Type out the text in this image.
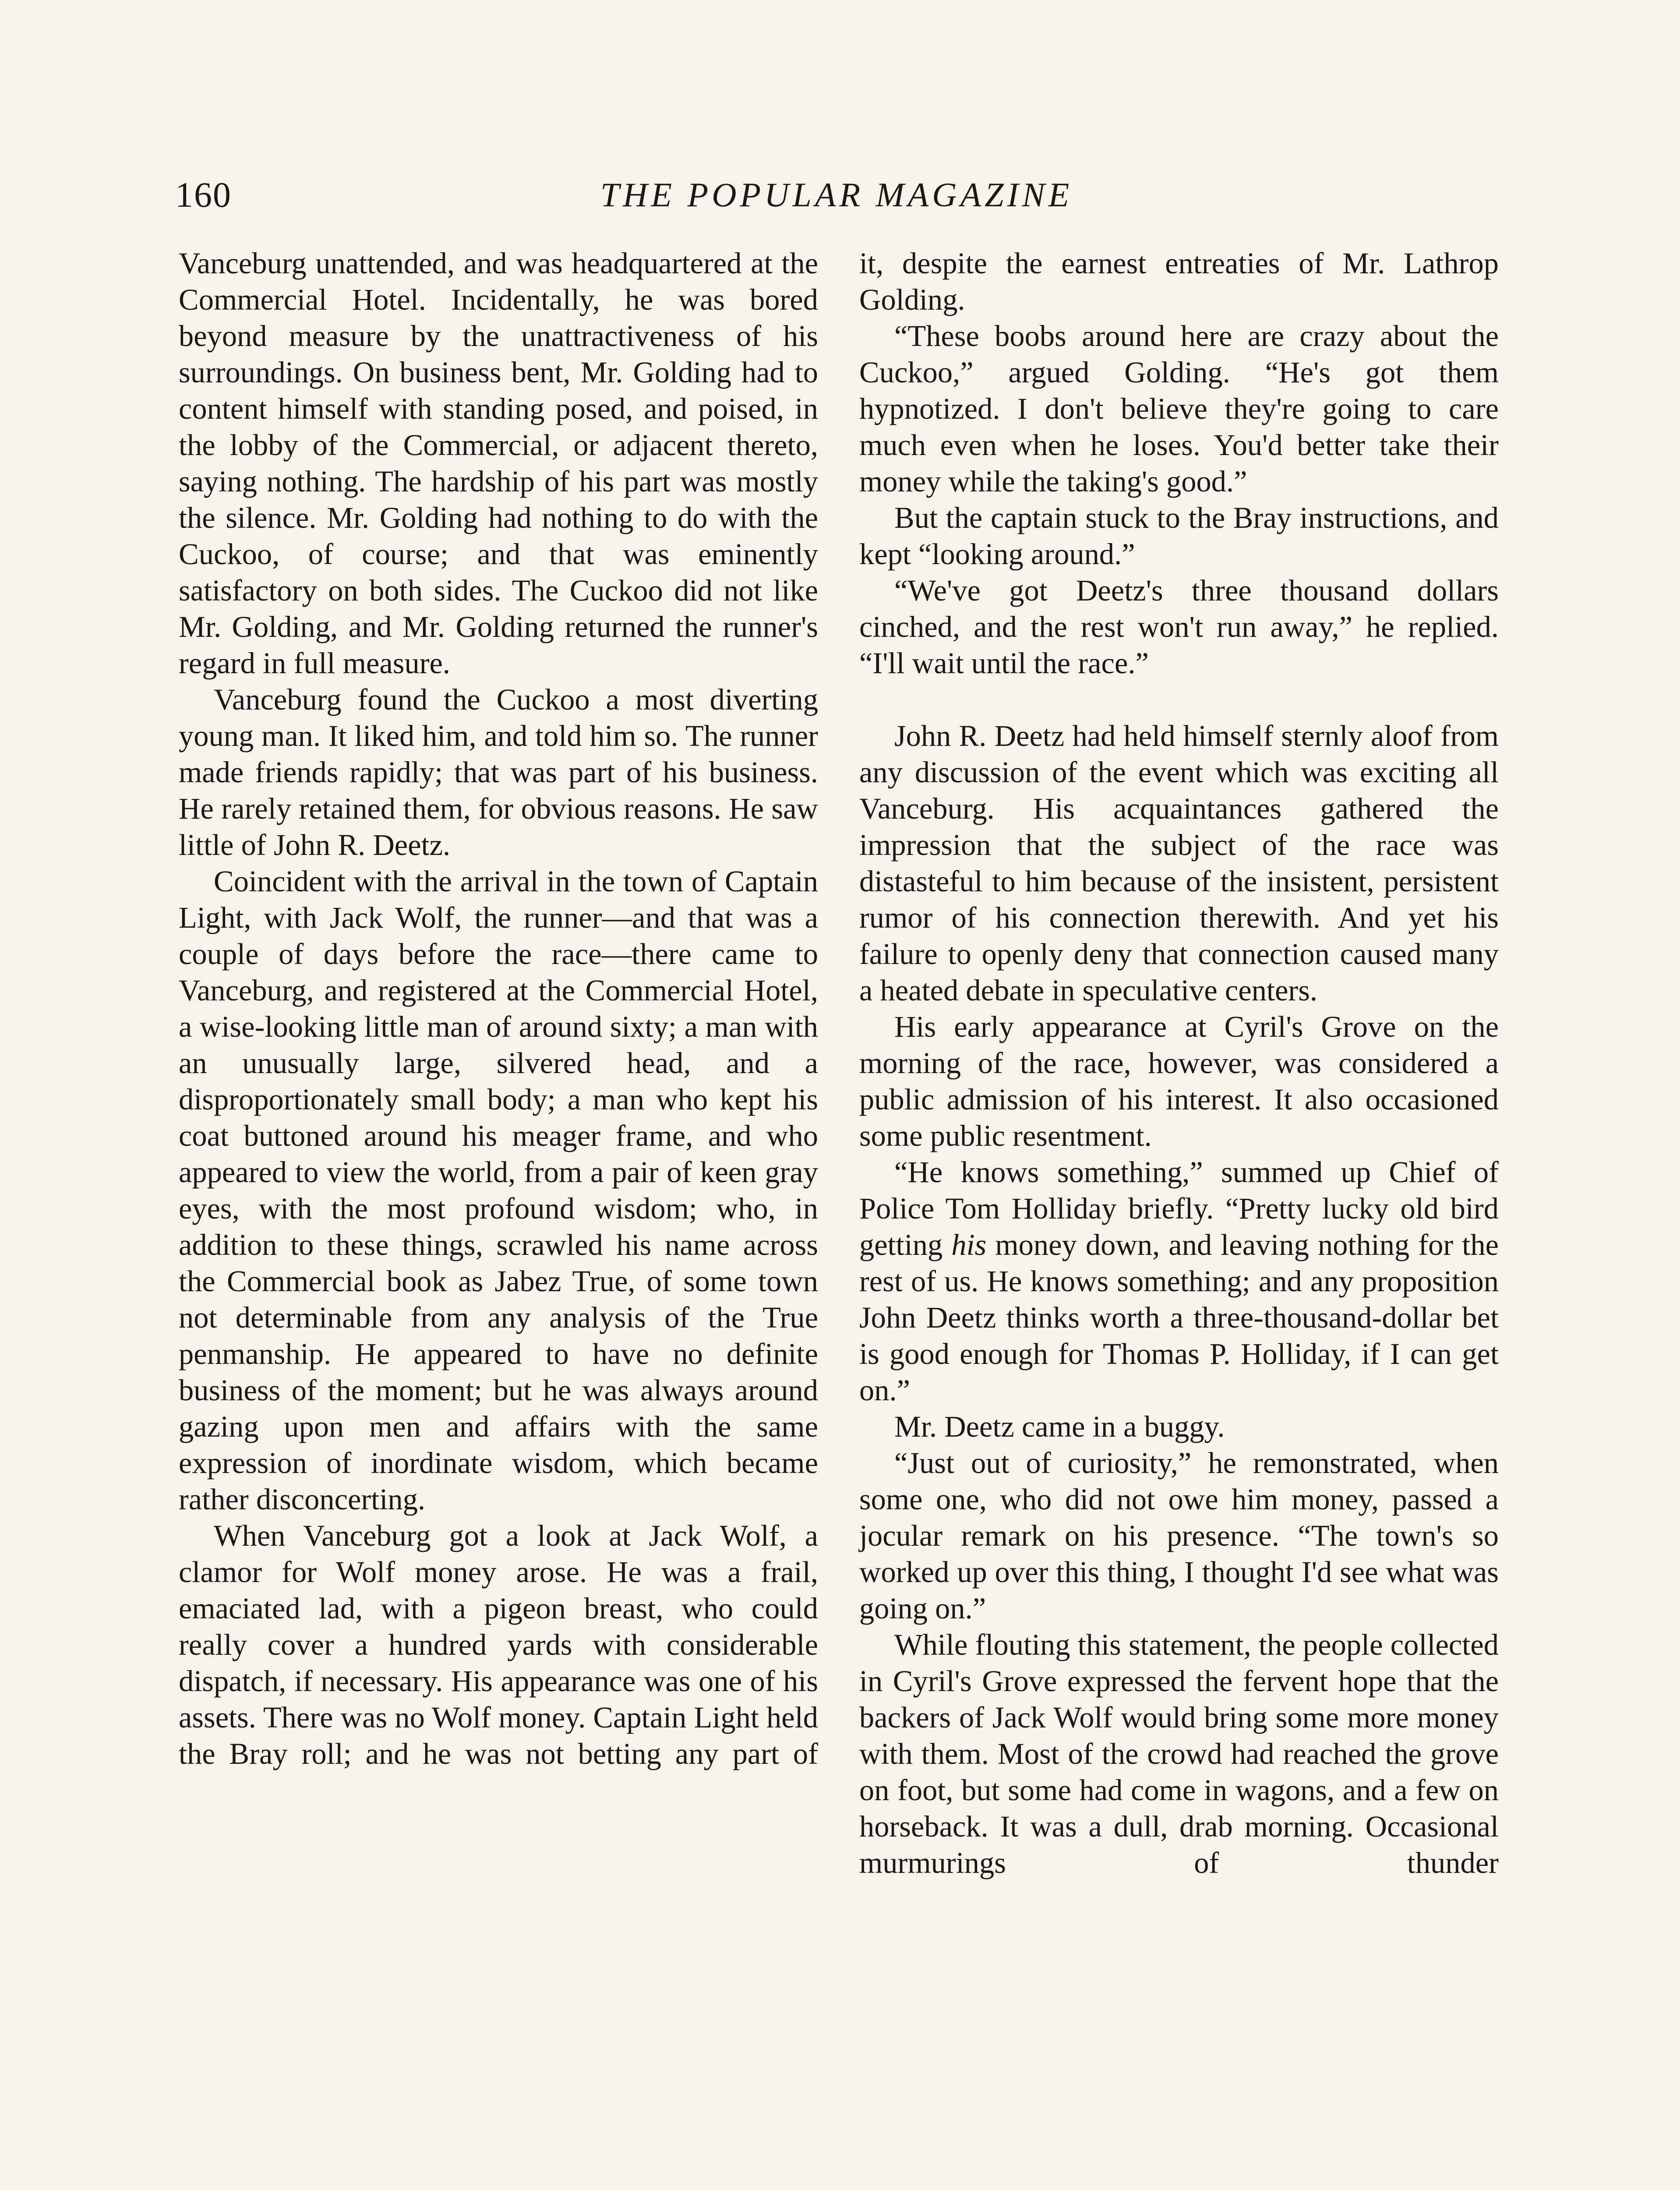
160	THE POPULAR MAGAZINE

Vanceburg unattended, and was headquartered at the Commercial Hotel. Incidentally, he was bored beyond measure by the unattractiveness of his surroundings. On business bent, Mr. Golding had to content himself with standing posed, and poised, in the lobby of the Commercial, or adjacent thereto, saying nothing. The hardship of his part was mostly the silence. Mr. Golding had nothing to do with the Cuckoo, of course; and that was eminently satisfactory on both sides. The Cuckoo did not like Mr. Golding, and Mr. Golding returned the runner's regard in full measure.

Vanceburg found the Cuckoo a most diverting young man. It liked him, and told him so. The runner made friends rapidly; that was part of his business. He rarely retained them, for obvious reasons. He saw little of John R. Deetz.

Coincident with the arrival in the town of Captain Light, with Jack Wolf, the runner—and that was a couple of days before the race—there came to Vanceburg, and registered at the Commercial Hotel, a wise-looking little man of around sixty; a man with an unusually large, silvered head, and a disproportionately small body; a man who kept his coat buttoned around his meager frame, and who appeared to view the world, from a pair of keen gray eyes, with the most profound wisdom; who, in addition to these things, scrawled his name across the Commercial book as Jabez True, of some town not determinable from any analysis of the True penmanship. He appeared to have no definite business of the moment; but he was always around gazing upon men and affairs with the same expression of inordinate wisdom, which became rather disconcerting.

When Vanceburg got a look at Jack Wolf, a clamor for Wolf money arose. He was a frail, emaciated lad, with a pigeon breast, who could really cover a hundred yards with considerable dispatch, if necessary. His appearance was one of his assets. There was no Wolf money. Captain Light held the Bray roll; and he was not betting any part of

it, despite the earnest entreaties of Mr. Lathrop Golding.

“These boobs around here are crazy about the Cuckoo,” argued Golding. “He's got them hypnotized. I don't believe they're going to care much even when he loses. You'd better take their money while the taking's good.”

But the captain stuck to the Bray instructions, and kept “looking around.”

“We've got Deetz's three thousand dollars cinched, and the rest won't run away,” he replied. “I'll wait until the race.”

John R. Deetz had held himself sternly aloof from any discussion of the event which was exciting all Vanceburg. His acquaintances gathered the impression that the subject of the race was distasteful to him because of the insistent, persistent rumor of his connection therewith. And yet his failure to openly deny that connection caused many a heated debate in speculative centers.

His early appearance at Cyril's Grove on the morning of the race, however, was considered a public admission of his interest. It also occasioned some public resentment.

“He knows something,” summed up Chief of Police Tom Holliday briefly. “Pretty lucky old bird getting his money down, and leaving nothing for the rest of us. He knows something; and any proposition John Deetz thinks worth a three-thousand-dollar bet is good enough for Thomas P. Holliday, if I can get on.”

Mr. Deetz came in a buggy.

“Just out of curiosity,” he remonstrated, when some one, who did not owe him money, passed a jocular remark on his presence. “The town's so worked up over this thing, I thought I'd see what was going on.”

While flouting this statement, the people collected in Cyril's Grove expressed the fervent hope that the backers of Jack Wolf would bring some more money with them. Most of the crowd had reached the grove on foot, but some had come in wagons, and a few on horseback. It was a dull, drab morning. Occasional murmurings of thunder
